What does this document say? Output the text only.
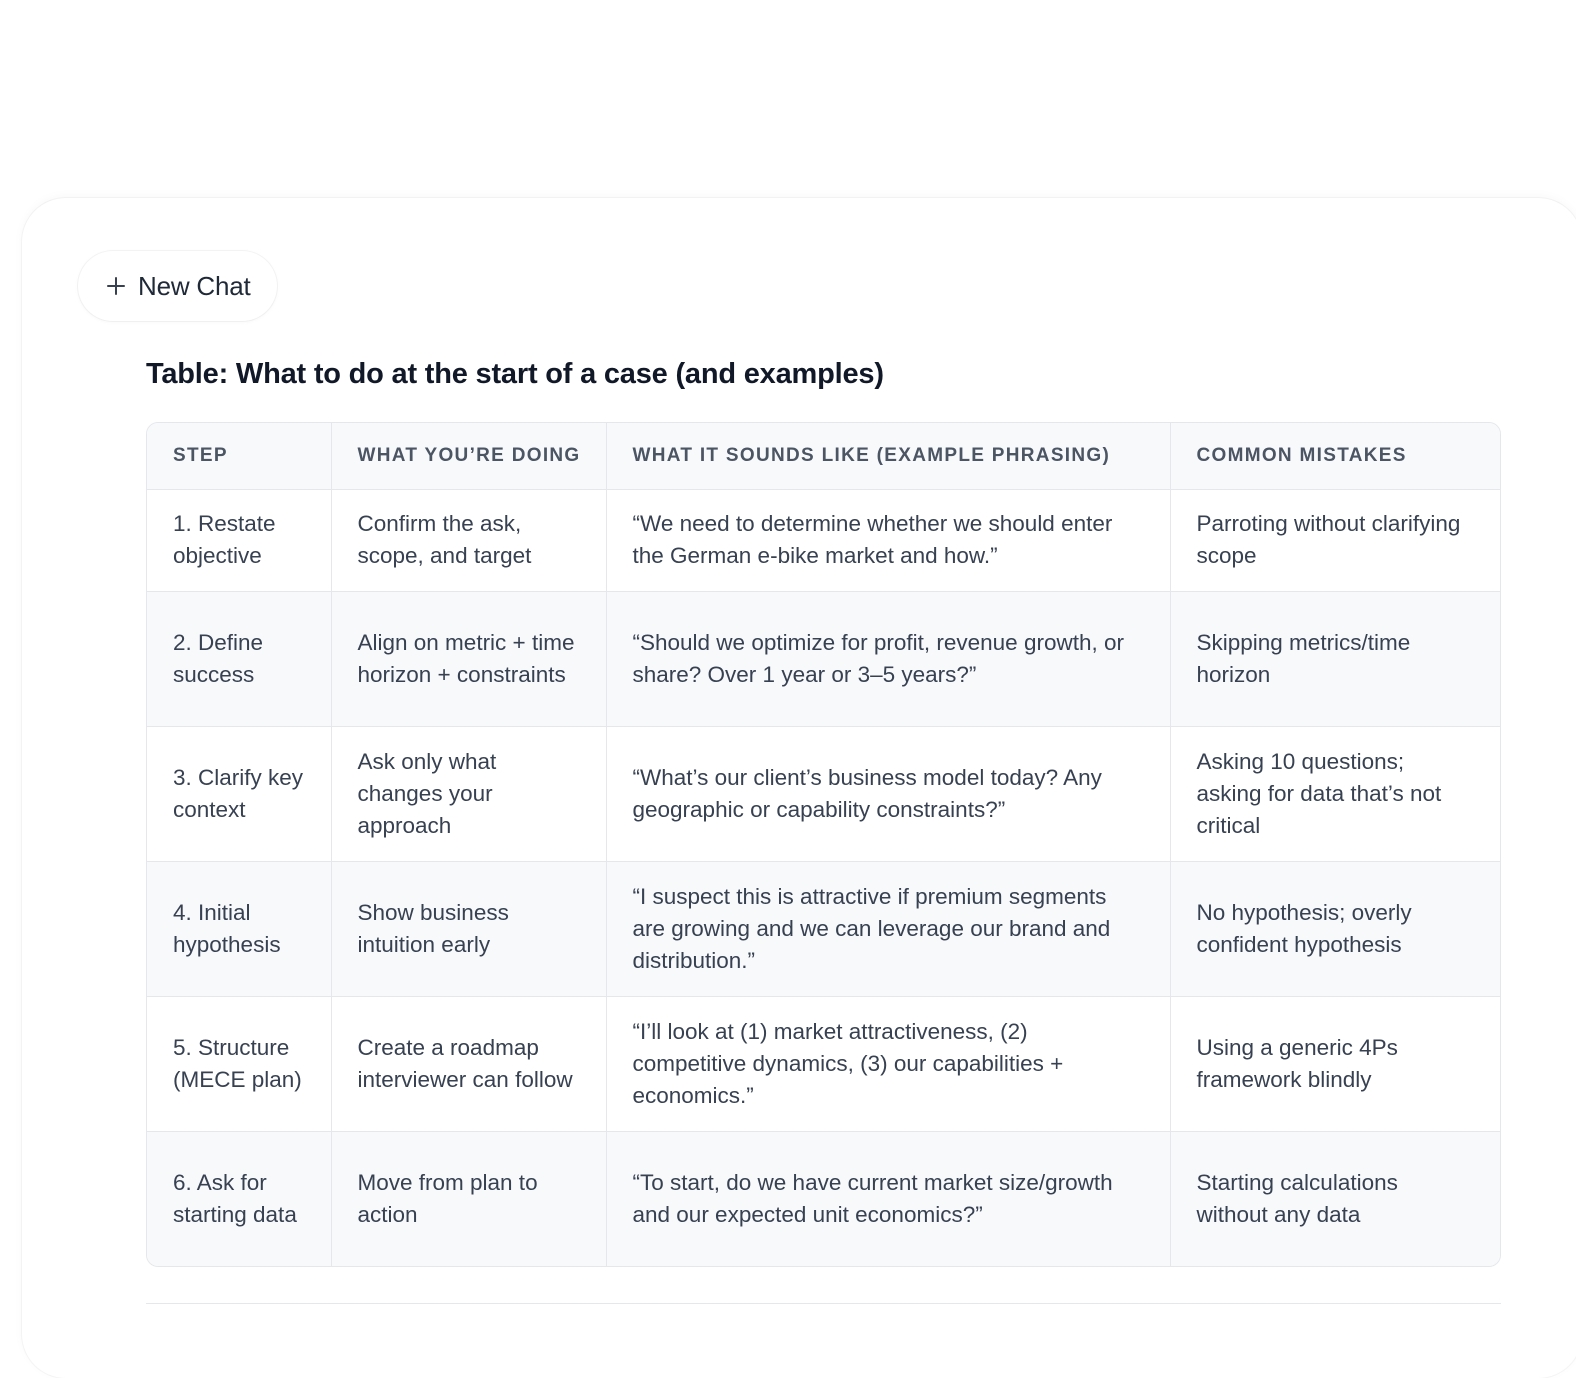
New Chat
Table: What to do at the start of a case (and examples)
STEP	WHAT YOU’RE DOING	WHAT IT SOUNDS LIKE (EXAMPLE PHRASING)	COMMON MISTAKES
1. Restate objective	Confirm the ask, scope, and target	“We need to determine whether we should enter the German e-bike market and how.”	Parroting without clarifying scope
2. Define success	Align on metric + time horizon + constraints	“Should we optimize for profit, revenue growth, or share? Over 1 year or 3–5 years?”	Skipping metrics/time horizon
3. Clarify key context	Ask only what changes your approach	“What’s our client’s business model today? Any geographic or capability constraints?”	Asking 10 questions; asking for data that’s not critical
4. Initial hypothesis	Show business intuition early	“I suspect this is attractive if premium segments are growing and we can leverage our brand and distribution.”	No hypothesis; overly confident hypothesis
5. Structure (MECE plan)	Create a roadmap interviewer can follow	“I’ll look at (1) market attractiveness, (2) competitive dynamics, (3) our capabilities + economics.”	Using a generic 4Ps framework blindly
6. Ask for starting data	Move from plan to action	“To start, do we have current market size/growth and our expected unit economics?”	Starting calculations without any data
